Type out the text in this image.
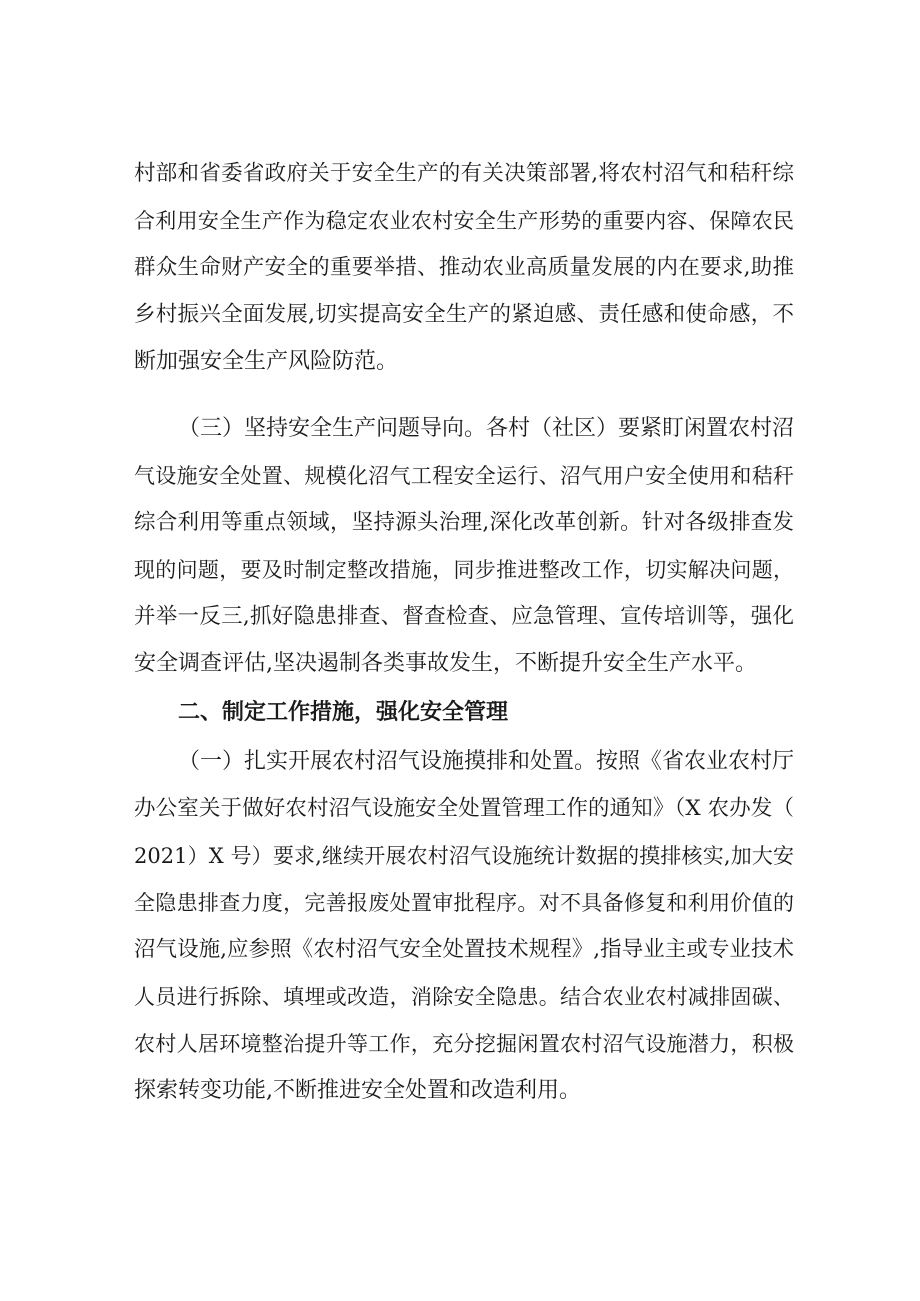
村部和省委省政府关于安全生产的有关决策部署,将农村沼气和秸秆综
合利用安全生产作为稳定农业农村安全生产形势的重要内容、保障农民
群众生命财产安全的重要举措、推动农业高质量发展的内在要求,助推
乡村振兴全面发展,切实提高安全生产的紧迫感、责任感和使命感，不
断加强安全生产风险防范。
（三）坚持安全生产问题导向。各村（社区）要紧盯闲置农村沼
气设施安全处置、规模化沼气工程安全运行、沼气用户安全使用和秸秆
综合利用等重点领域，坚持源头治理,深化改革创新。针对各级排查发
现的问题，要及时制定整改措施，同步推进整改工作，切实解决问题，
并举一反三,抓好隐患排查、督查检查、应急管理、宣传培训等，强化
安全调查评估,坚决遏制各类事故发生，不断提升安全生产水平。
二、制定工作措施，强化安全管理
（一）扎实开展农村沼气设施摸排和处置。按照《省农业农村厅
办公室关于做好农村沼气设施安全处置管理工作的通知》（X 农办发（
2021）X 号）要求,继续开展农村沼气设施统计数据的摸排核实,加大安
全隐患排查力度，完善报废处置审批程序。对不具备修复和利用价值的
沼气设施,应参照《农村沼气安全处置技术规程》,指导业主或专业技术
人员进行拆除、填埋或改造，消除安全隐患。结合农业农村减排固碳、
农村人居环境整治提升等工作，充分挖掘闲置农村沼气设施潜力，积极
探索转变功能,不断推进安全处置和改造利用。
